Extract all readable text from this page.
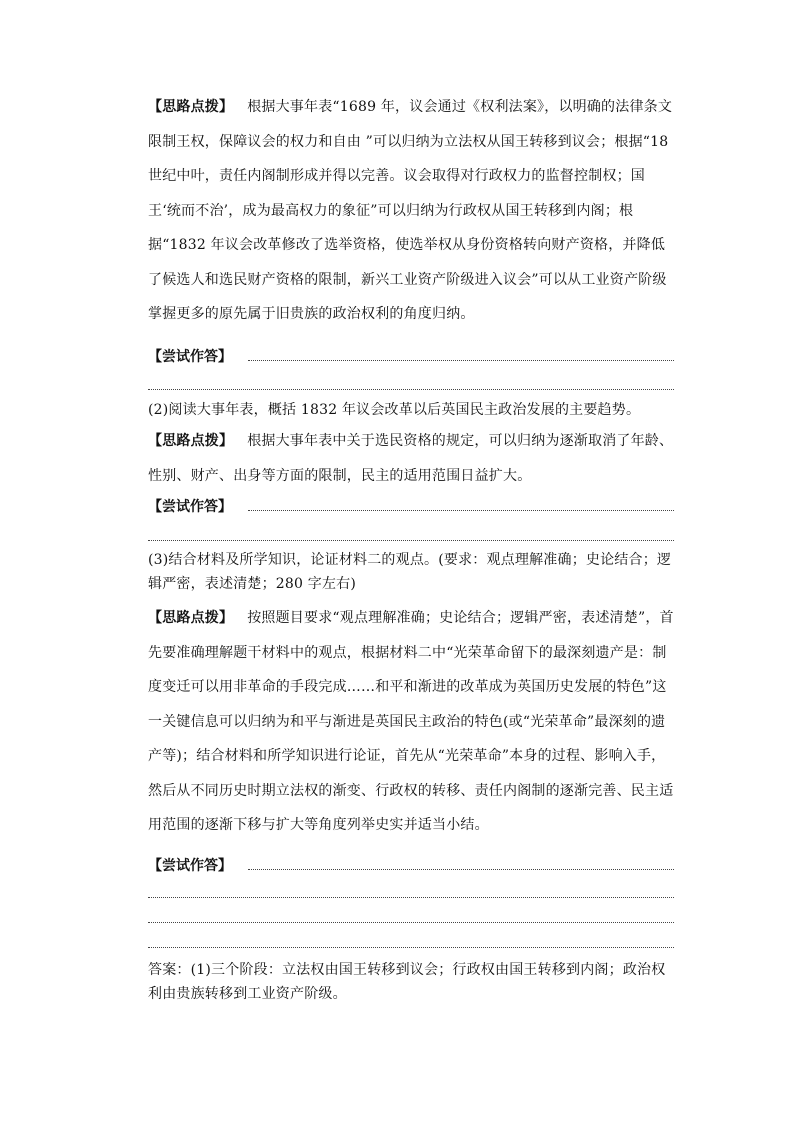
【思路点拨】 根据大事年表“1689 年，议会通过《权利法案》，以明确的法律条文限制王权，保障议会的权力和自由 ”可以归纳为立法权从国王转移到议会；根据“18 世纪中叶，责任内阁制形成并得以完善。议会取得对行政权力的监督控制权；国王‘统而不治’，成为最高权力的象征”可以归纳为行政权从国王转移到内阁；根据“1832 年议会改革修改了选举资格，使选举权从身份资格转向财产资格，并降低了候选人和选民财产资格的限制，新兴工业资产阶级进入议会”可以从工业资产阶级掌握更多的原先属于旧贵族的政治权利的角度归纳。
【尝试作答】
(2)阅读大事年表，概括 1832 年议会改革以后英国民主政治发展的主要趋势。
【思路点拨】 根据大事年表中关于选民资格的规定，可以归纳为逐渐取消了年龄、性别、财产、出身等方面的限制，民主的适用范围日益扩大。
【尝试作答】
(3)结合材料及所学知识，论证材料二的观点。(要求：观点理解准确；史论结合；逻辑严密，表述清楚；280 字左右)
【思路点拨】 按照题目要求“观点理解准确；史论结合；逻辑严密，表述清楚”，首先要准确理解题干材料中的观点，根据材料二中“光荣革命留下的最深刻遗产是：制度变迁可以用非革命的手段完成……和平和渐进的改革成为英国历史发展的特色”这一关键信息可以归纳为和平与渐进是英国民主政治的特色(或“光荣革命”最深刻的遗产等)；结合材料和所学知识进行论证，首先从“光荣革命”本身的过程、影响入手，然后从不同历史时期立法权的渐变、行政权的转移、责任内阁制的逐渐完善、民主适用范围的逐渐下移与扩大等角度列举史实并适当小结。
【尝试作答】
答案：(1)三个阶段：立法权由国王转移到议会；行政权由国王转移到内阁；政治权利由贵族转移到工业资产阶级。
